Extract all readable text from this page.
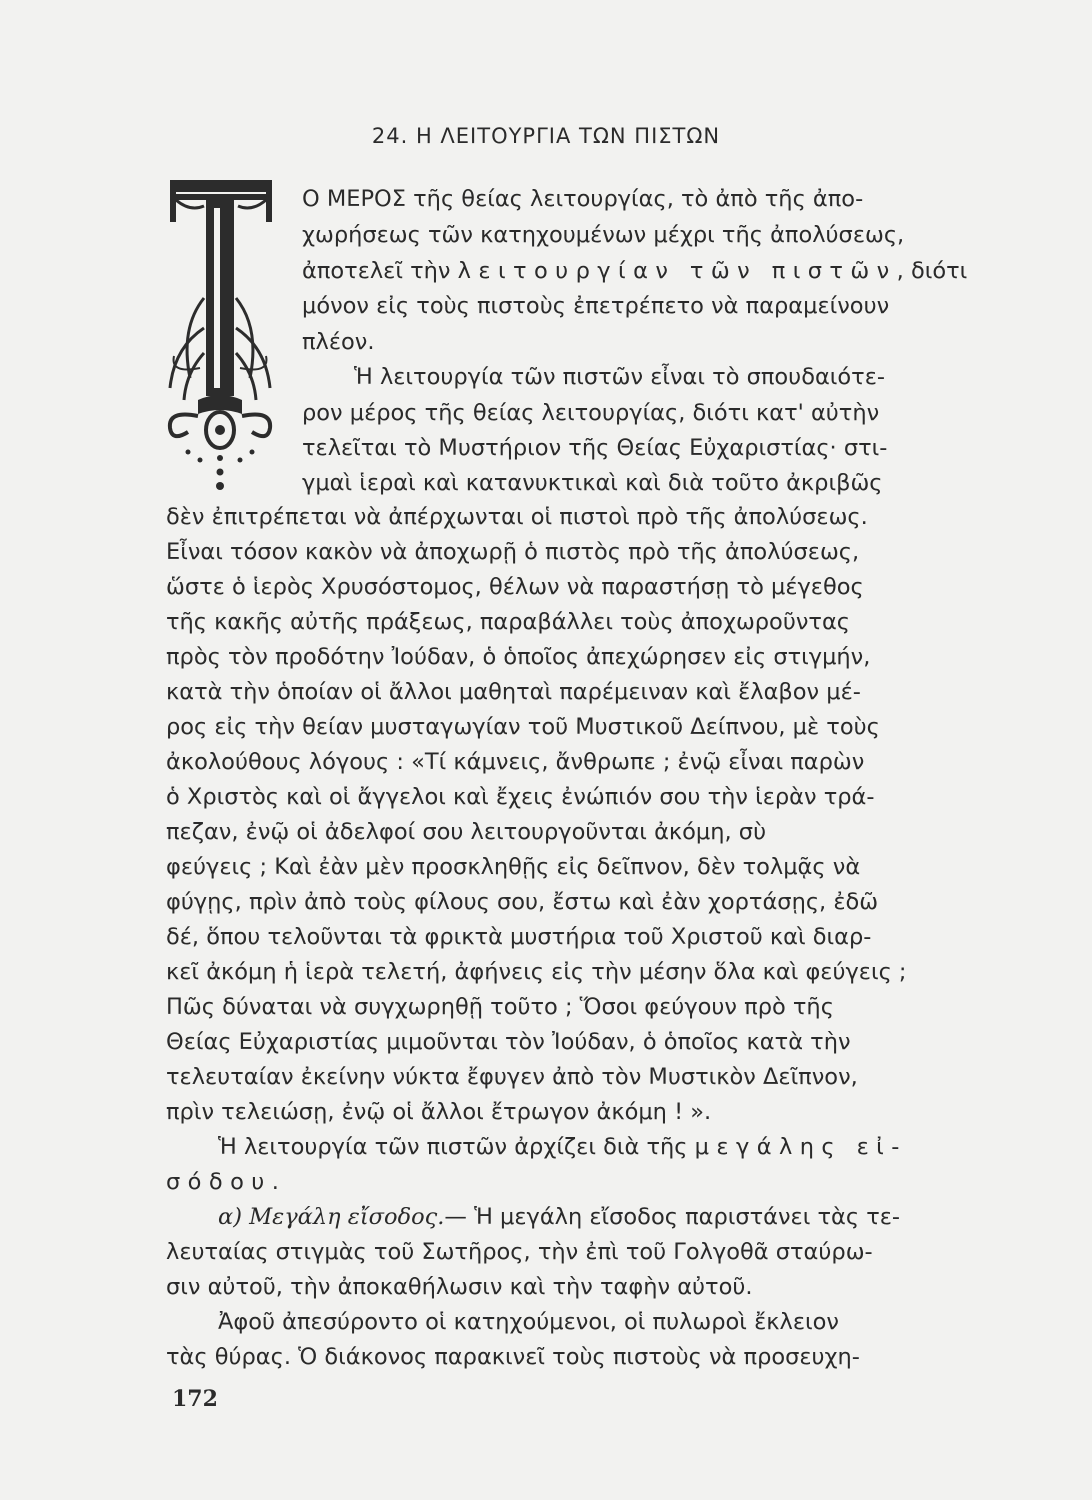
24. Η ΛΕΙΤΟΥΡΓΙΑ ΤΩΝ ΠΙΣΤΩΝ
Ο ΜΕΡΟΣ τῆς θείας λειτουργίας, τὸ ἀπὸ τῆς ἀπο-
χωρήσεως τῶν κατηχουμένων μέχρι τῆς ἀπολύσεως,
ἀποτελεῖ τὴν λειτουργίαν τῶν πιστῶν, διότι
μόνον εἰς τοὺς πιστοὺς ἐπετρέπετο νὰ παραμείνουν
πλέον.
Ἡ λειτουργία τῶν πιστῶν εἶναι τὸ σπουδαιότε-
ρον μέρος τῆς θείας λειτουργίας, διότι κατ' αὐτὴν
τελεῖται τὸ Μυστήριον τῆς Θείας Εὐχαριστίας· στι-
γμαὶ ἱεραὶ καὶ κατανυκτικαὶ καὶ διὰ τοῦτο ἀκριβῶς
δὲν ἐπιτρέπεται νὰ ἀπέρχωνται οἱ πιστοὶ πρὸ τῆς ἀπολύσεως.
Εἶναι τόσον κακὸν νὰ ἀποχωρῇ ὁ πιστὸς πρὸ τῆς ἀπολύσεως,
ὥστε ὁ ἱερὸς Χρυσόστομος, θέλων νὰ παραστήσῃ τὸ μέγεθος
τῆς κακῆς αὐτῆς πράξεως, παραβάλλει τοὺς ἀποχωροῦντας
πρὸς τὸν προδότην Ἰούδαν, ὁ ὁποῖος ἀπεχώρησεν εἰς στιγμήν,
κατὰ τὴν ὁποίαν οἱ ἄλλοι μαθηταὶ παρέμειναν καὶ ἔλαβον μέ-
ρος εἰς τὴν θείαν μυσταγωγίαν τοῦ Μυστικοῦ Δείπνου, μὲ τοὺς
ἀκολούθους λόγους : «Τί κάμνεις, ἄνθρωπε ; ἐνῷ εἶναι παρὼν
ὁ Χριστὸς καὶ οἱ ἄγγελοι καὶ ἔχεις ἐνώπιόν σου τὴν ἱερὰν τρά-
πεζαν, ἐνῷ οἱ ἀδελφοί σου λειτουργοῦνται ἀκόμη, σὺ
φεύγεις ; Καὶ ἐὰν μὲν προσκληθῇς εἰς δεῖπνον, δὲν τολμᾷς νὰ
φύγῃς, πρὶν ἀπὸ τοὺς φίλους σου, ἔστω καὶ ἐὰν χορτάσῃς, ἐδῶ
δέ, ὅπου τελοῦνται τὰ φρικτὰ μυστήρια τοῦ Χριστοῦ καὶ διαρ-
κεῖ ἀκόμη ἡ ἱερὰ τελετή, ἀφήνεις εἰς τὴν μέσην ὅλα καὶ φεύγεις ;
Πῶς δύναται νὰ συγχωρηθῇ τοῦτο ; Ὅσοι φεύγουν πρὸ τῆς
Θείας Εὐχαριστίας μιμοῦνται τὸν Ἰούδαν, ὁ ὁποῖος κατὰ τὴν
τελευταίαν ἐκείνην νύκτα ἔφυγεν ἀπὸ τὸν Μυστικὸν Δεῖπνον,
πρὶν τελειώσῃ, ἐνῷ οἱ ἄλλοι ἔτρωγον ἀκόμη ! ».
Ἡ λειτουργία τῶν πιστῶν ἀρχίζει διὰ τῆς μεγάλης εἰ-
σόδου.
α) Μεγάλη εἴσοδος.— Ἡ μεγάλη εἴσοδος παριστάνει τὰς τε-
λευταίας στιγμὰς τοῦ Σωτῆρος, τὴν ἐπὶ τοῦ Γολγοθᾶ σταύρω-
σιν αὐτοῦ, τὴν ἀποκαθήλωσιν καὶ τὴν ταφὴν αὐτοῦ.
Ἀφοῦ ἀπεσύροντο οἱ κατηχούμενοι, οἱ πυλωροὶ ἔκλειον
τὰς θύρας. Ὁ διάκονος παρακινεῖ τοὺς πιστοὺς νὰ προσευχη-
172
